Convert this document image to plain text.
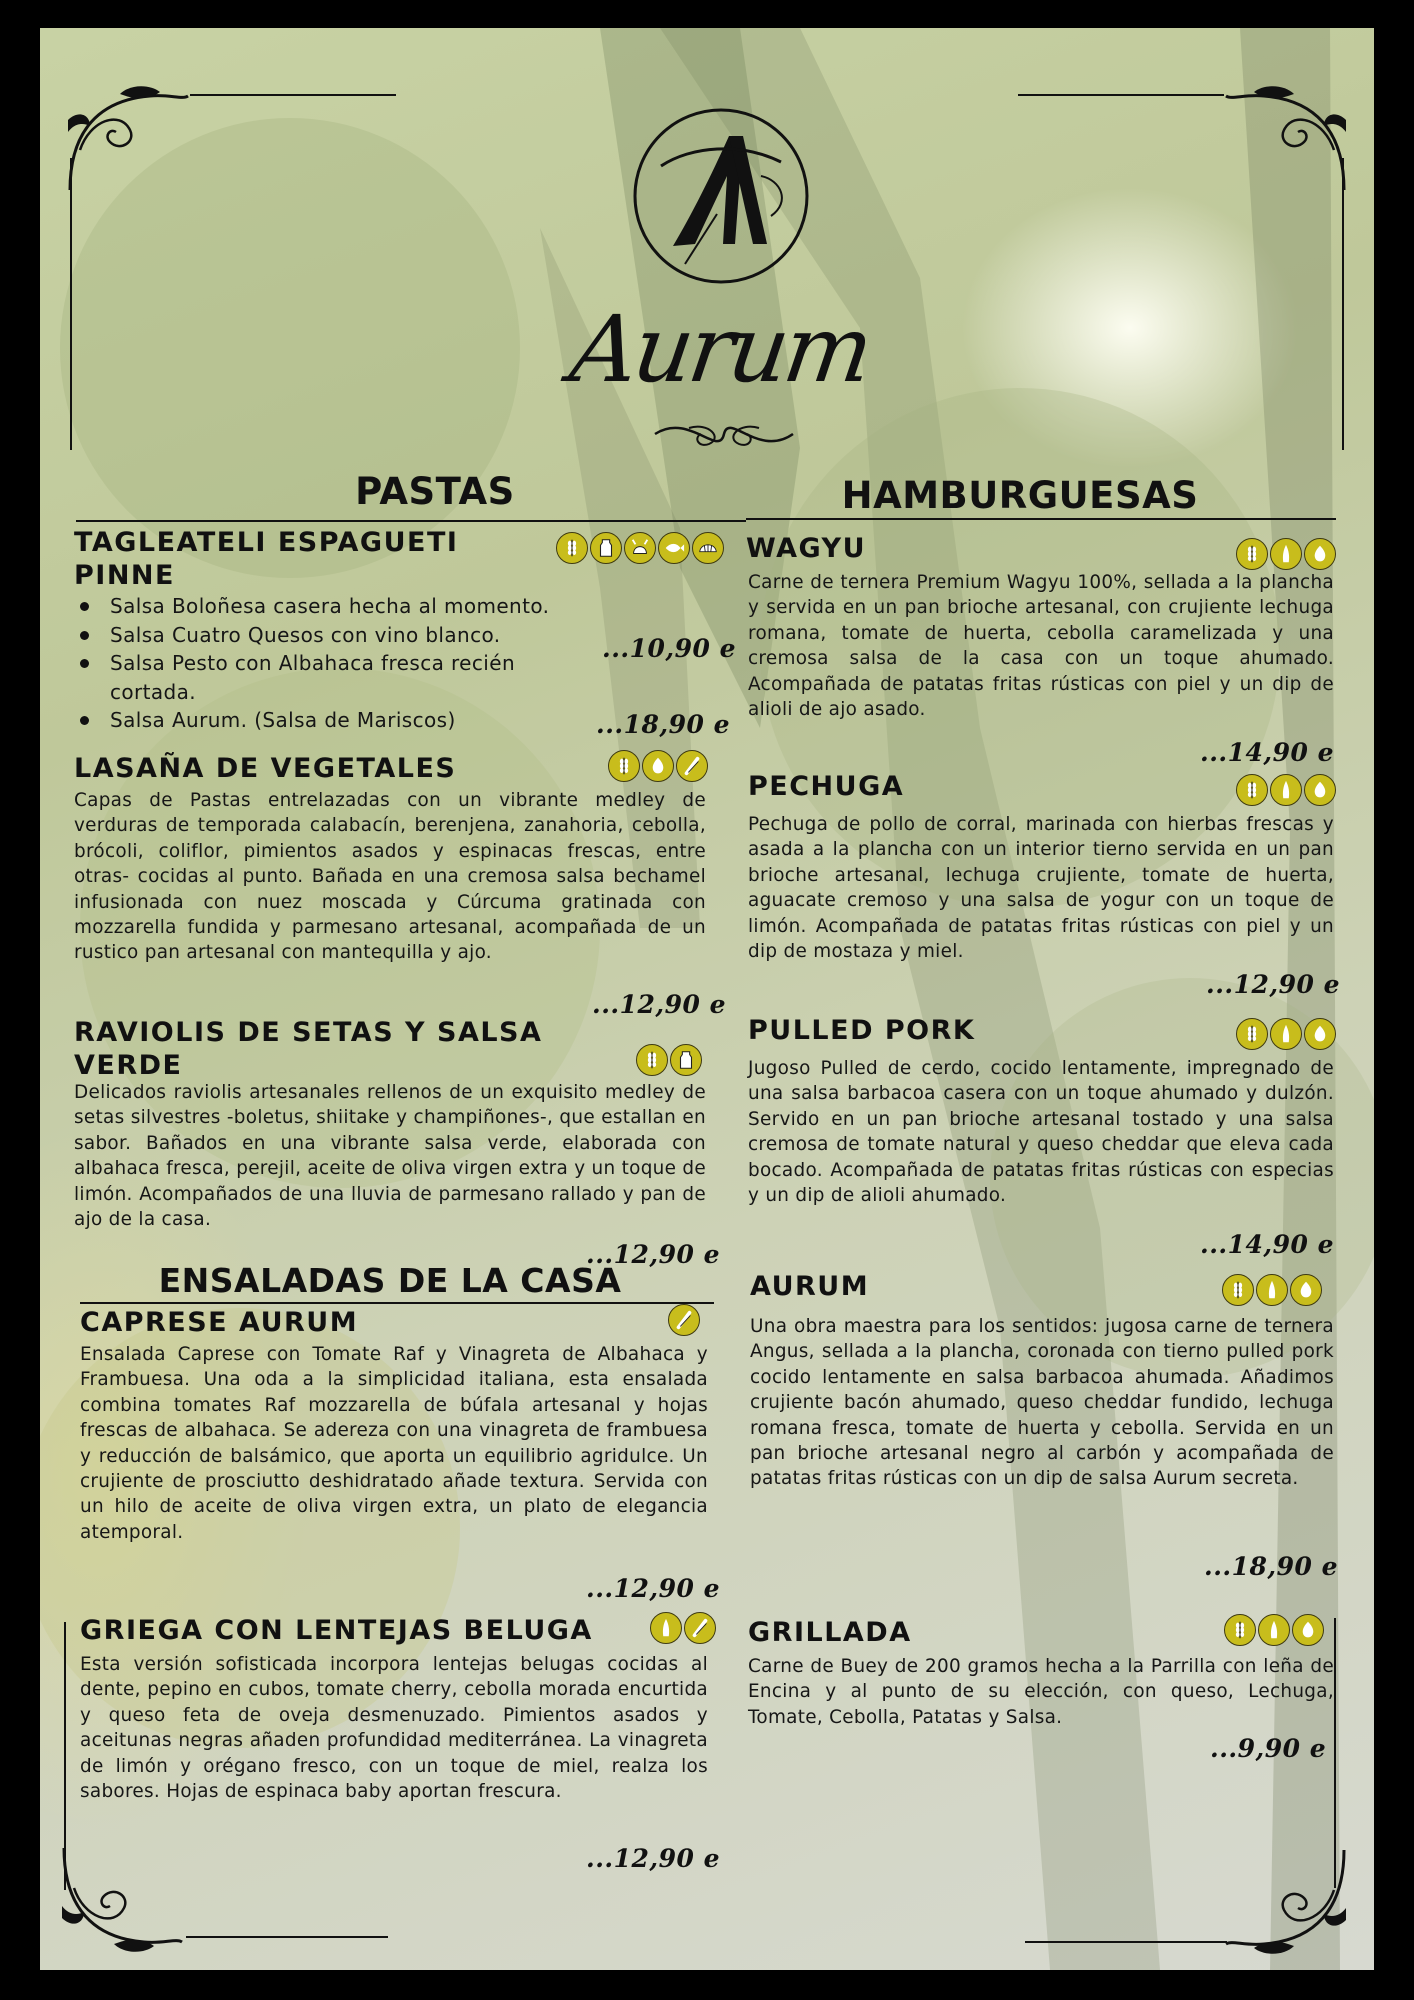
Aurum
PASTAS
TAGLEATELI ESPAGUETI
PINNE
Salsa Boloñesa casera hecha al momento.
Salsa Cuatro Quesos con vino blanco.
Salsa Pesto con Albahaca fresca recién
cortada.
Salsa Aurum. (Salsa de Mariscos)
...10,90 e
...18,90 e
LASAÑA DE VEGETALES
Capas de Pastas entrelazadas con un vibrante medley de verduras de temporada calabacín, berenjena, zanahoria, cebolla, brócoli, coliflor, pimientos asados y espinacas frescas, entre otras- cocidas al punto. Bañada en una cremosa salsa bechamel infusionada con nuez moscada y Cúrcuma gratinada con mozzarella fundida y parmesano artesanal, acompañada de un rustico pan artesanal con mantequilla y ajo.
...12,90 e
RAVIOLIS DE SETAS Y SALSA
VERDE
Delicados raviolis artesanales rellenos de un exquisito medley de setas silvestres -boletus, shiitake y champiñones-, que estallan en sabor. Bañados en una vibrante salsa verde, elaborada con albahaca fresca, perejil, aceite de oliva virgen extra y un toque de limón. Acompañados de una lluvia de parmesano rallado y pan de ajo de la casa.
...12,90 e
ENSALADAS DE LA CASA
CAPRESE AURUM
Ensalada Caprese con Tomate Raf y Vinagreta de Albahaca y Frambuesa. Una oda a la simplicidad italiana, esta ensalada combina tomates Raf mozzarella de búfala artesanal y hojas frescas de albahaca. Se adereza con una vinagreta de frambuesa y reducción de balsámico, que aporta un equilibrio agridulce. Un crujiente de prosciutto deshidratado añade textura. Servida con un hilo de aceite de oliva virgen extra, un plato de elegancia atemporal.
...12,90 e
GRIEGA CON LENTEJAS BELUGA
Esta versión sofisticada incorpora lentejas belugas cocidas al dente, pepino en cubos, tomate cherry, cebolla morada encurtida y queso feta de oveja desmenuzado. Pimientos asados y aceitunas negras añaden profundidad mediterránea. La vinagreta de limón y orégano fresco, con un toque de miel, realza los sabores. Hojas de espinaca baby aportan frescura.
...12,90 e
HAMBURGUESAS
WAGYU
Carne de ternera Premium Wagyu 100%, sellada a la plancha y servida en un pan brioche artesanal, con crujiente lechuga romana, tomate de huerta, cebolla caramelizada y una cremosa salsa de la casa con un toque ahumado. Acompañada de patatas fritas rústicas con piel y un dip de alioli de ajo asado.
...14,90 e
PECHUGA
Pechuga de pollo de corral, marinada con hierbas frescas y asada a la plancha con un interior tierno servida en un pan brioche artesanal, lechuga crujiente, tomate de huerta, aguacate cremoso y una salsa de yogur con un toque de limón. Acompañada de patatas fritas rústicas con piel y un dip de mostaza y miel.
...12,90 e
PULLED PORK
Jugoso Pulled de cerdo, cocido lentamente, impregnado de una salsa barbacoa casera con un toque ahumado y dulzón. Servido en un pan brioche artesanal tostado y una salsa cremosa de tomate natural y queso cheddar que eleva cada bocado. Acompañada de patatas fritas rústicas con especias y un dip de alioli ahumado.
...14,90 e
AURUM
Una obra maestra para los sentidos: jugosa carne de ternera Angus, sellada a la plancha, coronada con tierno pulled pork cocido lentamente en salsa barbacoa ahumada. Añadimos crujiente bacón ahumado, queso cheddar fundido, lechuga romana fresca, tomate de huerta y cebolla. Servida en un pan brioche artesanal negro al carbón y acompañada de patatas fritas rústicas con un dip de salsa Aurum secreta.
...18,90 e
GRILLADA
Carne de Buey de 200 gramos hecha a la Parrilla con leña de Encina y al punto de su elección, con queso, Lechuga, Tomate, Cebolla, Patatas y Salsa.
...9,90 e
